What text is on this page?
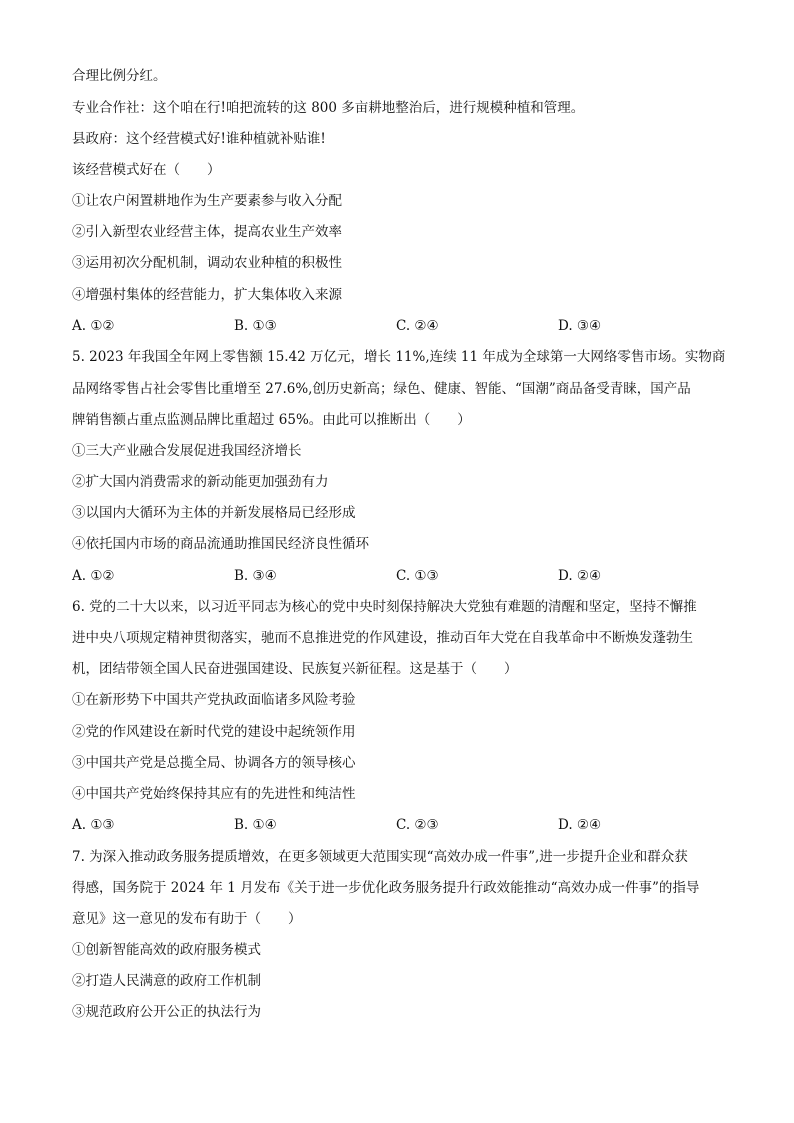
合理比例分红。
专业合作社：这个咱在行!咱把流转的这 800 多亩耕地整治后，进行规模种植和管理。
县政府：这个经营模式好!谁种植就补贴谁!
该经营模式好在（　　）
①让农户闲置耕地作为生产要素参与收入分配
②引入新型农业经营主体，提高农业生产效率
③运用初次分配机制，调动农业种植的积极性
④增强村集体的经营能力，扩大集体收入来源
A. ①②	B. ①③	C. ②④	D. ③④
5. 2023 年我国全年网上零售额 15.42 万亿元，增长 11%,连续 11 年成为全球第一大网络零售市场。实物商
品网络零售占社会零售比重增至 27.6%,创历史新高；绿色、健康、智能、“国潮”商品备受青睐，国产品
牌销售额占重点监测品牌比重超过 65%。由此可以推断出（　　）
①三大产业融合发展促进我国经济增长
②扩大国内消费需求的新动能更加强劲有力
③以国内大循环为主体的并新发展格局已经形成
④依托国内市场的商品流通助推国民经济良性循环
A. ①②	B. ③④	C. ①③	D. ②④
6. 党的二十大以来，以习近平同志为核心的党中央时刻保持解决大党独有难题的清醒和坚定，坚持不懈推
进中央八项规定精神贯彻落实，驰而不息推进党的作风建设，推动百年大党在自我革命中不断焕发蓬勃生
机，团结带领全国人民奋进强国建设、民族复兴新征程。这是基于（　　）
①在新形势下中国共产党执政面临诸多风险考验
②党的作风建设在新时代党的建设中起统领作用
③中国共产党是总揽全局、协调各方的领导核心
④中国共产党始终保持其应有的先进性和纯洁性
A. ①③	B. ①④	C. ②③	D. ②④
7. 为深入推动政务服务提质增效，在更多领域更大范围实现“高效办成一件事”,进一步提升企业和群众获
得感，国务院于 2024 年 1 月发布《关于进一步优化政务服务提升行政效能推动“高效办成一件事”的指导
意见》这一意见的发布有助于（　　）
①创新智能高效的政府服务模式
②打造人民满意的政府工作机制
③规范政府公开公正的执法行为
